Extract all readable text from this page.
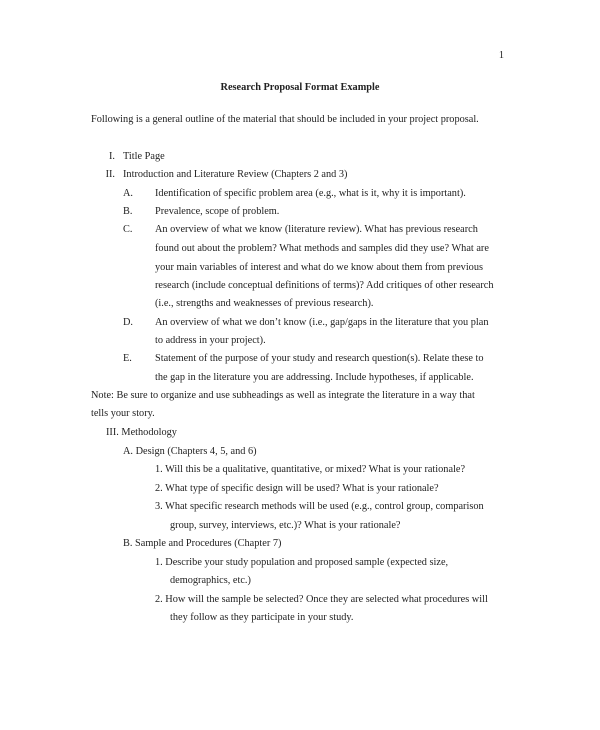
1
Research Proposal Format Example
Following is a general outline of the material that should be included in your project proposal.
I. Title Page
II. Introduction and Literature Review (Chapters 2 and 3)
A. Identification of specific problem area (e.g., what is it, why it is important).
B. Prevalence, scope of problem.
C. An overview of what we know (literature review). What has previous research
found out about the problem? What methods and samples did they use? What are
your main variables of interest and what do we know about them from previous
research (include conceptual definitions of terms)? Add critiques of other research
(i.e., strengths and weaknesses of previous research).
D. An overview of what we don’t know (i.e., gap/gaps in the literature that you plan
to address in your project).
E. Statement of the purpose of your study and research question(s). Relate these to
the gap in the literature you are addressing. Include hypotheses, if applicable.
Note: Be sure to organize and use subheadings as well as integrate the literature in a way that
tells your story.
III. Methodology
A. Design (Chapters 4, 5, and 6)
1. Will this be a qualitative, quantitative, or mixed? What is your rationale?
2. What type of specific design will be used? What is your rationale?
3. What specific research methods will be used (e.g., control group, comparison
group, survey, interviews, etc.)? What is your rationale?
B. Sample and Procedures (Chapter 7)
1. Describe your study population and proposed sample (expected size,
demographics, etc.)
2. How will the sample be selected? Once they are selected what procedures will
they follow as they participate in your study.
